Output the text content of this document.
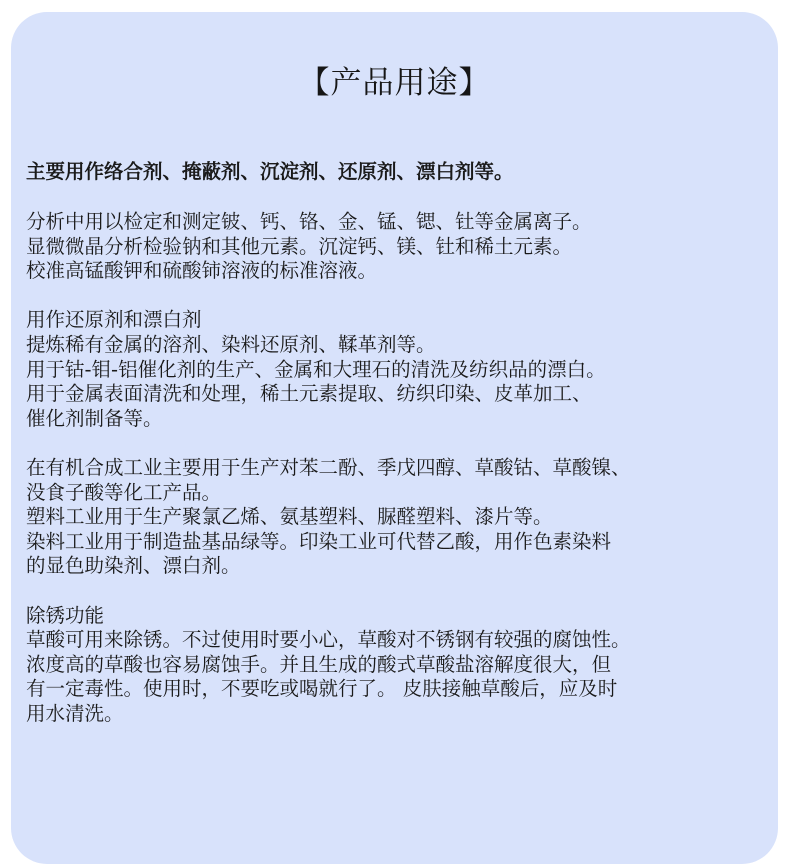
【产品用途】

主要用作络合剂、掩蔽剂、沉淀剂、还原剂、漂白剂等。

分析中用以检定和测定铍、钙、铬、金、锰、锶、钍等金属离子。
显微微晶分析检验钠和其他元素。沉淀钙、镁、钍和稀土元素。
校准高锰酸钾和硫酸铈溶液的标准溶液。
用作还原剂和漂白剂
提炼稀有金属的溶剂、染料还原剂、鞣革剂等。
用于钴-钼-铝催化剂的生产、金属和大理石的清洗及纺织品的漂白。
用于金属表面清洗和处理，稀土元素提取、纺织印染、皮革加工、
催化剂制备等。
在有机合成工业主要用于生产对苯二酚、季戊四醇、草酸钴、草酸镍、
没食子酸等化工产品。
塑料工业用于生产聚氯乙烯、氨基塑料、脲醛塑料、漆片等。
染料工业用于制造盐基品绿等。印染工业可代替乙酸，用作色素染料
的显色助染剂、漂白剂。
除锈功能
草酸可用来除锈。不过使用时要小心，草酸对不锈钢有较强的腐蚀性。
浓度高的草酸也容易腐蚀手。并且生成的酸式草酸盐溶解度很大，但
有一定毒性。使用时，不要吃或喝就行了。 皮肤接触草酸后，应及时
用水清洗。
